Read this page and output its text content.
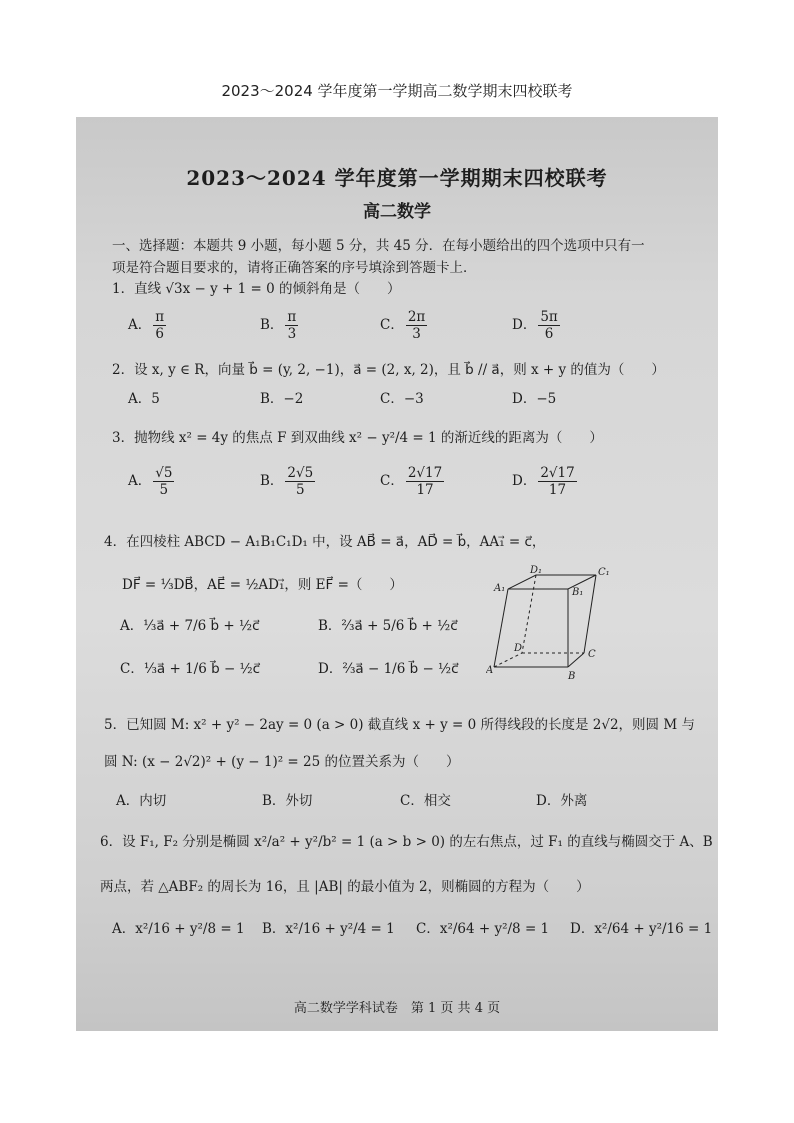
2023～2024 学年度第一学期高二数学期末四校联考
2023～2024 学年度第一学期期末四校联考
高二数学
一、选择题：本题共 9 小题，每小题 5 分，共 45 分．在每小题给出的四个选项中只有一
项是符合题目要求的，请将正确答案的序号填涂到答题卡上．
1．直线 √3x − y + 1 = 0 的倾斜角是（　　）
A． $\frac{\pi}{6}$	B． $\frac{\pi}{3}$	C． $\frac{2\pi}{3}$	D． $\frac{5\pi}{6}$
2．设 x, y ∈ R，向量 b⃗ = (y, 2, −1)，a⃗ = (2, x, 2)，且 b⃗ // a⃗，则 x + y 的值为（　　）
A．5	B．−2	C．−3	D．−5
3．抛物线 x² = 4y 的焦点 F 到双曲线 x² − y²/4 = 1 的渐近线的距离为（　　）
A． $\frac{√5}{5}$	B． $\frac{2√5}{5}$	C． $\frac{2√17}{17}$	D． $\frac{2√17}{17}$
4．在四棱柱 ABCD − A₁B₁C₁D₁ 中，设 AB⃗ = a⃗，AD⃗ = b⃗，AA₁⃗ = c⃗，
DF⃗ = ⅓DB⃗，AE⃗ = ½AD₁⃗，则 EF⃗ =（　　）
A．⅓a⃗ + 7/6 b⃗ + ½c⃗	B．⅔a⃗ + 5/6 b⃗ + ½c⃗
C．⅓a⃗ + 1/6 b⃗ − ½c⃗	D．⅔a⃗ − 1/6 b⃗ − ½c⃗
D₁	C₁
A₁	B₁
D
C
A
B
5．已知圆 M: x² + y² − 2ay = 0 (a > 0) 截直线 x + y = 0 所得线段的长度是 2√2，则圆 M 与
圆 N: (x − 2√2)² + (y − 1)² = 25 的位置关系为（　　）
A．内切	B．外切	C．相交	D．外离
6．设 F₁, F₂ 分别是椭圆 x²/a² + y²/b² = 1 (a > b > 0) 的左右焦点，过 F₁ 的直线与椭圆交于 A、B
两点，若 △ABF₂ 的周长为 16，且 |AB| 的最小值为 2，则椭圆的方程为（　　）
A．x²/16 + y²/8 = 1 B．x²/16 + y²/4 = 1 C．x²/64 + y²/8 = 1 D．x²/64 + y²/16 = 1
高二数学学科试卷　第 1 页 共 4 页
